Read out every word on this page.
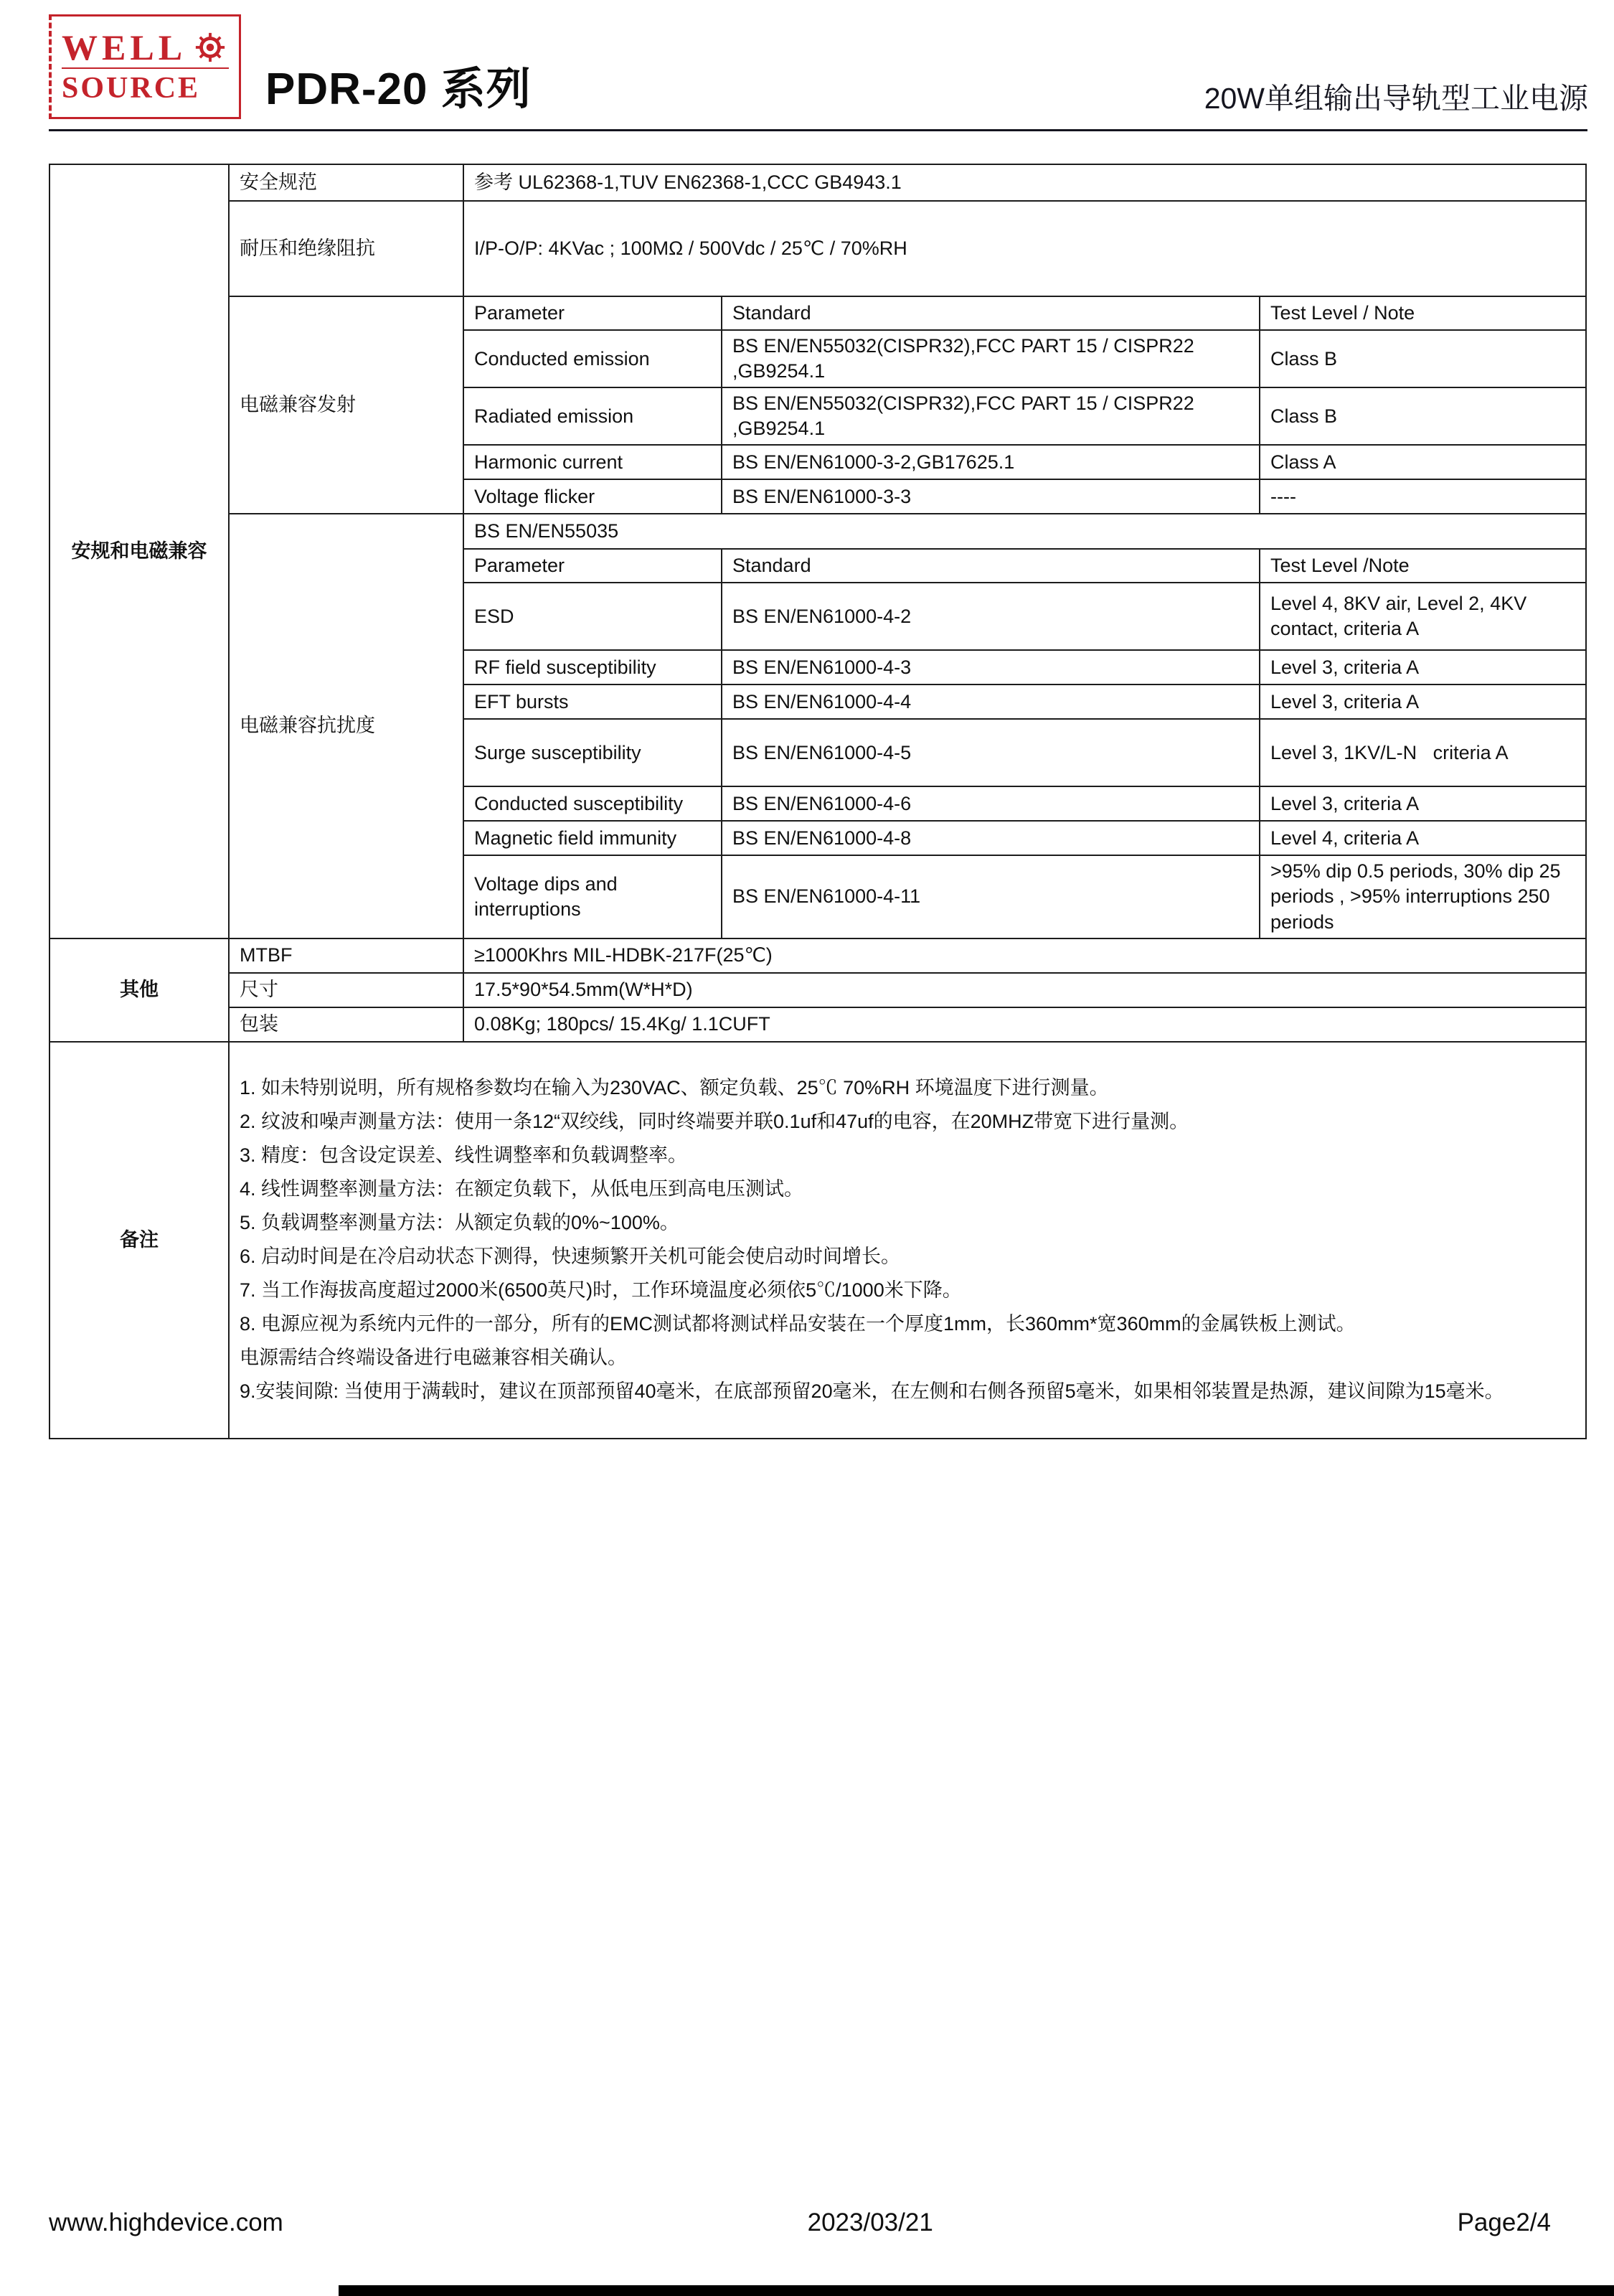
WELL
SOURCE	PDR-20 系列	20W单组输出导轨型工业电源
安规和电磁兼容	安全规范	参考 UL62368-1,TUV EN62368-1,CCC GB4943.1		
	耐压和绝缘阻抗	I/P-O/P: 4KVac ; 100MΩ / 500Vdc / 25℃ / 70%RH		
	电磁兼容发射	Parameter	Standard	Test Level / Note
		Conducted emission	BS EN/EN55032(CISPR32),FCC PART 15 / CISPR22 ,GB9254.1	Class B
		Radiated emission	BS EN/EN55032(CISPR32),FCC PART 15 / CISPR22 ,GB9254.1	Class B
		Harmonic current	BS EN/EN61000-3-2,GB17625.1	Class A
		Voltage flicker	BS EN/EN61000-3-3	----
	电磁兼容抗扰度	BS EN/EN55035		
		Parameter	Standard	Test Level /Note
		ESD	BS EN/EN61000-4-2	Level 4, 8KV air, Level 2, 4KV contact, criteria A
		RF field susceptibility	BS EN/EN61000-4-3	Level 3, criteria A
		EFT bursts	BS EN/EN61000-4-4	Level 3, criteria A
		Surge susceptibility	BS EN/EN61000-4-5	Level 3, 1KV/L-N   criteria A
		Conducted susceptibility	BS EN/EN61000-4-6	Level 3, criteria A
		Magnetic field immunity	BS EN/EN61000-4-8	Level 4, criteria A
		Voltage dips and interruptions	BS EN/EN61000-4-11	>95% dip 0.5 periods, 30% dip 25 periods , >95% interruptions 250 periods
其他	MTBF	≥1000Khrs MIL-HDBK-217F(25℃)		
	尺寸	17.5*90*54.5mm(W*H*D)		
	包装	0.08Kg; 180pcs/ 15.4Kg/ 1.1CUFT		
备注	
1. 如未特别说明，所有规格参数均在输入为230VAC、额定负载、25℃ 70%RH 环境温度下进行测量。
2. 纹波和噪声测量方法：使用一条12“双绞线，同时终端要并联0.1uf和47uf的电容，在20MHZ带宽下进行量测。
3. 精度：包含设定误差、线性调整率和负载调整率。
4. 线性调整率测量方法：在额定负载下，从低电压到高电压测试。
5. 负载调整率测量方法：从额定负载的0%~100%。
6. 启动时间是在冷启动状态下测得，快速频繁开关机可能会使启动时间增长。
7. 当工作海拔高度超过2000米(6500英尺)时，工作环境温度必须依5℃/1000米下降。
8. 电源应视为系统内元件的一部分，所有的EMC测试都将测试样品安装在一个厚度1mm，长360mm*宽360mm的金属铁板上测试。
电源需结合终端设备进行电磁兼容相关确认。
9.安装间隙: 当使用于满载时，建议在顶部预留40毫米，在底部预留20毫米，在左侧和右侧各预留5毫米，如果相邻装置是热源，建议间隙为15毫米。
www.highdevice.com	2023/03/21	Page2/4
